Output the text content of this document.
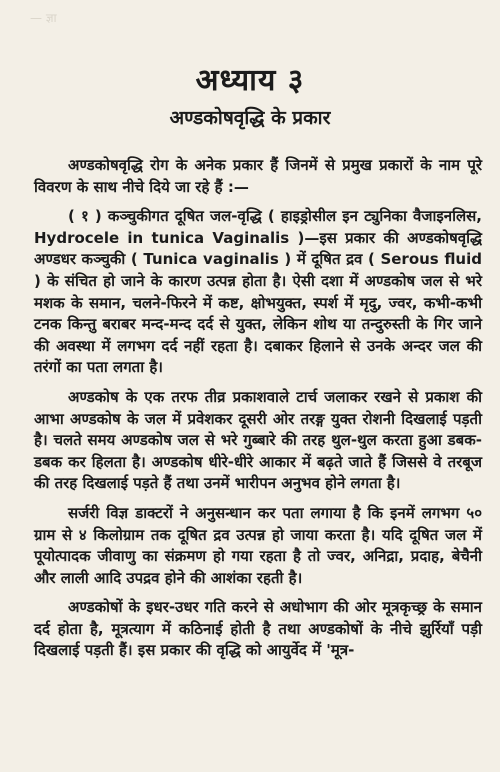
— ज्ञा
अध्याय ३
अण्डकोषवृद्धि के प्रकार

अण्डकोषवृद्धि रोग के अनेक प्रकार हैं जिनमें से प्रमुख प्रकारों के नाम पूरे विवरण के साथ नीचे दिये जा रहे हैं :—

( १ ) कञ्चुकीगत दूषित जल-वृद्धि ( हाइड्रोसील इन ट्युनिका वैजाइनलिस, Hydrocele in tunica Vaginalis )—इस प्रकार की अण्डकोषवृद्धि अण्डधर कञ्चुकी ( Tunica vaginalis ) में दूषित द्रव ( Serous fluid ) के संचित हो जाने के कारण उत्पन्न होता है। ऐसी दशा में अण्डकोष जल से भरे मशक के समान, चलने-फिरने में कष्ट, क्षोभयुक्त, स्पर्श में मृदु, ज्वर, कभी-कभी टनक किन्तु बराबर मन्द-मन्द दर्द से युक्त, लेकिन शोथ या तन्दुरुस्ती के गिर जाने की अवस्था में लगभग दर्द नहीं रहता है। दबाकर हिलाने से उनके अन्दर जल की तरंगों का पता लगता है।

अण्डकोष के एक तरफ तीव्र प्रकाशवाले टार्च जलाकर रखने से प्रकाश की आभा अण्डकोष के जल में प्रवेशकर दूसरी ओर तरङ्ग युक्त रोशनी दिखलाई पड़ती है। चलते समय अण्डकोष जल से भरे गुब्बारे की तरह थुल-थुल करता हुआ डबक-डबक कर हिलता है। अण्डकोष धीरे-धीरे आकार में बढ़ते जाते हैं जिससे वे तरबूज की तरह दिखलाई पड़ते हैं तथा उनमें भारीपन अनुभव होने लगता है।

सर्जरी विज्ञ डाक्टरों ने अनुसन्धान कर पता लगाया है कि इनमें लगभग ५० ग्राम से ४ किलोग्राम तक दूषित द्रव उत्पन्न हो जाया करता है। यदि दूषित जल में पूयोत्पादक जीवाणु का संक्रमण हो गया रहता है तो ज्वर, अनिद्रा, प्रदाह, बेचैनी और लाली आदि उपद्रव होने की आशंका रहती है।

अण्डकोषों के इधर-उधर गति करने से अधोभाग की ओर मूत्रकृच्छ्र के समान दर्द होता है, मूत्रत्याग में कठिनाई होती है तथा अण्डकोषों के नीचे झुर्रियाँ पड़ी दिखलाई पड़ती हैं। इस प्रकार की वृद्धि को आयुर्वेद में 'मूत्र-
